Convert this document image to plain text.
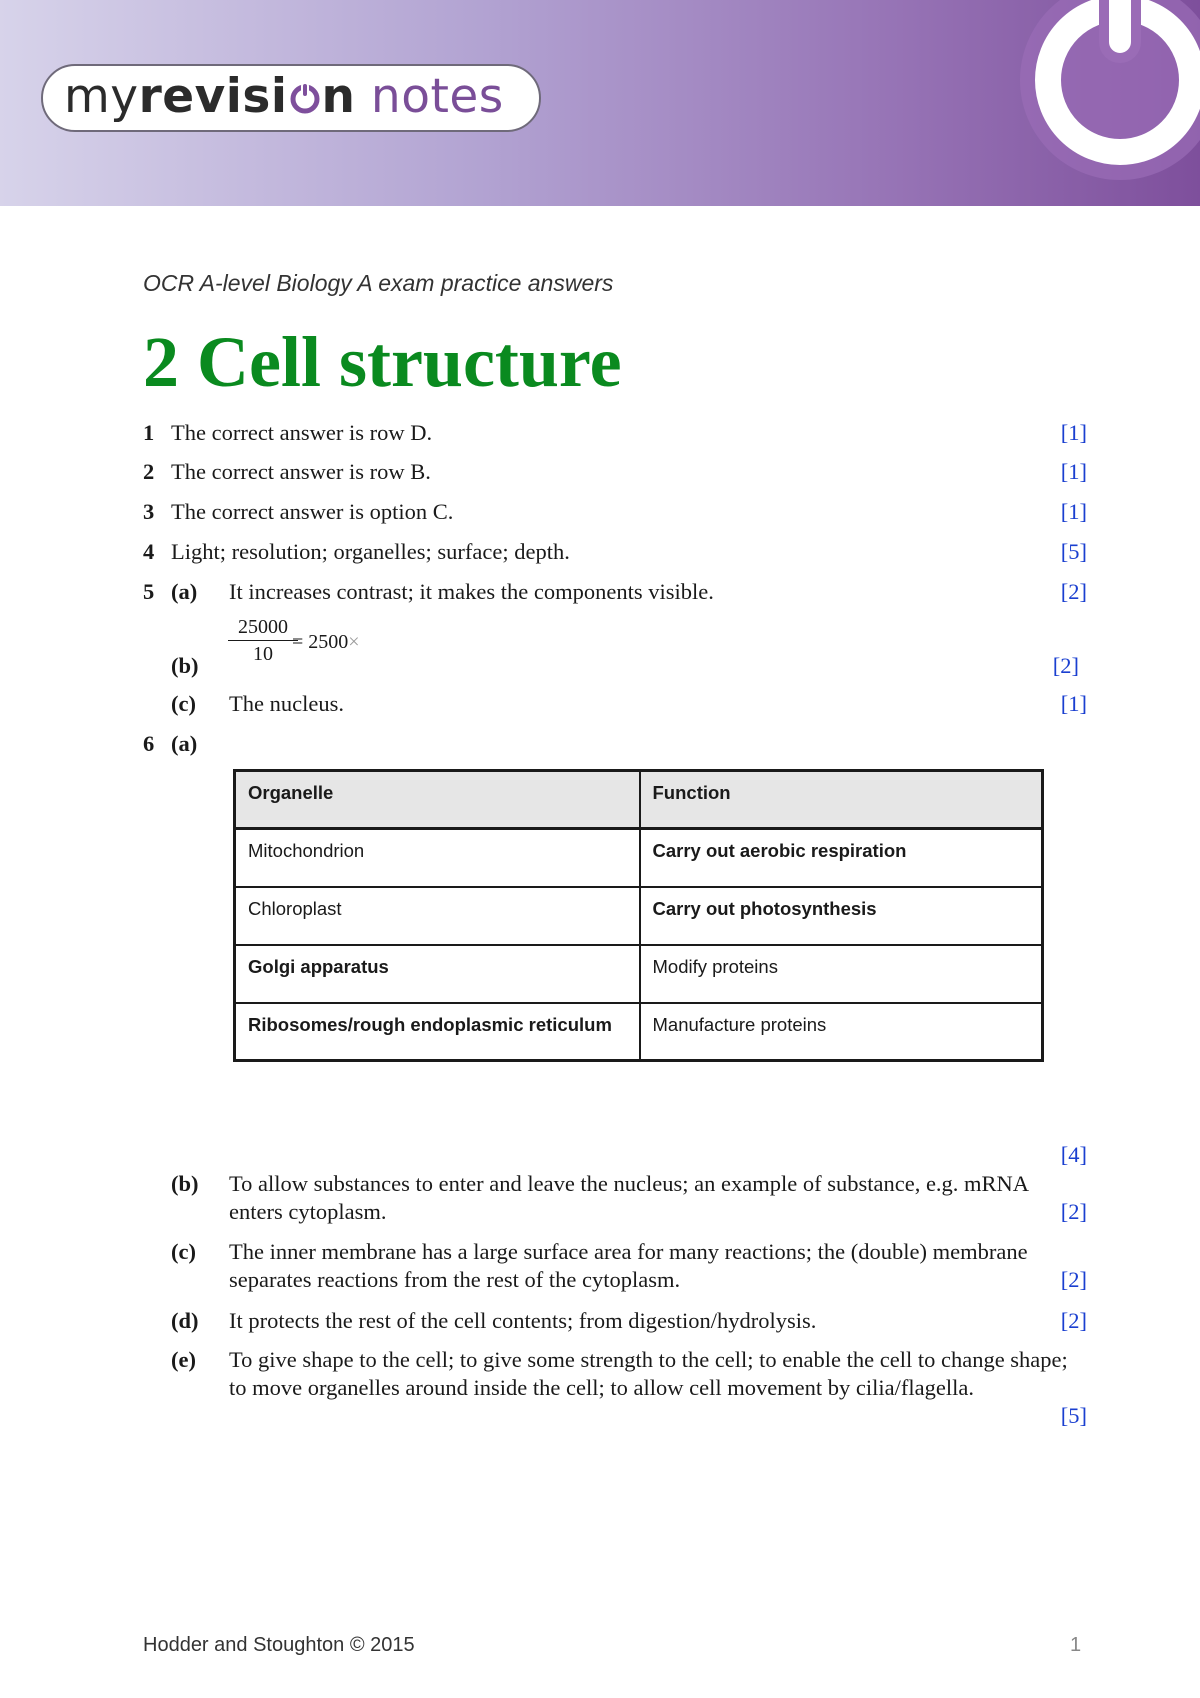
myrevisi n notes
OCR A-level Biology A exam practice answers
2 Cell structure
1 The correct answer is row D.	[1]
2 The correct answer is row B.	[1]
3 The correct answer is option C.	[1]
4 Light; resolution; organelles; surface; depth.	[5]
5 (a) It increases contrast; it makes the components visible.	[2]
$\frac{25000}{10}$
= 2500×
(b)	[2]
(c) The nucleus.	[1]
6 (a)
Organelle	Function
Mitochondrion	Carry out aerobic respiration
Chloroplast	Carry out photosynthesis
Golgi apparatus	Modify proteins
Ribosomes/rough endoplasmic reticulum	Manufacture proteins
[4]
(b) To allow substances to enter and leave the nucleus; an example of substance, e.g. mRNA enters cytoplasm.	[2]
(c) The inner membrane has a large surface area for many reactions; the (double) membrane separates reactions from the rest of the cytoplasm.	[2]
(d) It protects the rest of the cell contents; from digestion/hydrolysis.	[2]
(e) To give shape to the cell; to give some strength to the cell; to enable the cell to change shape; to move organelles around inside the cell; to allow cell movement by cilia/flagella.
[5]
Hodder and Stoughton © 2015	1
